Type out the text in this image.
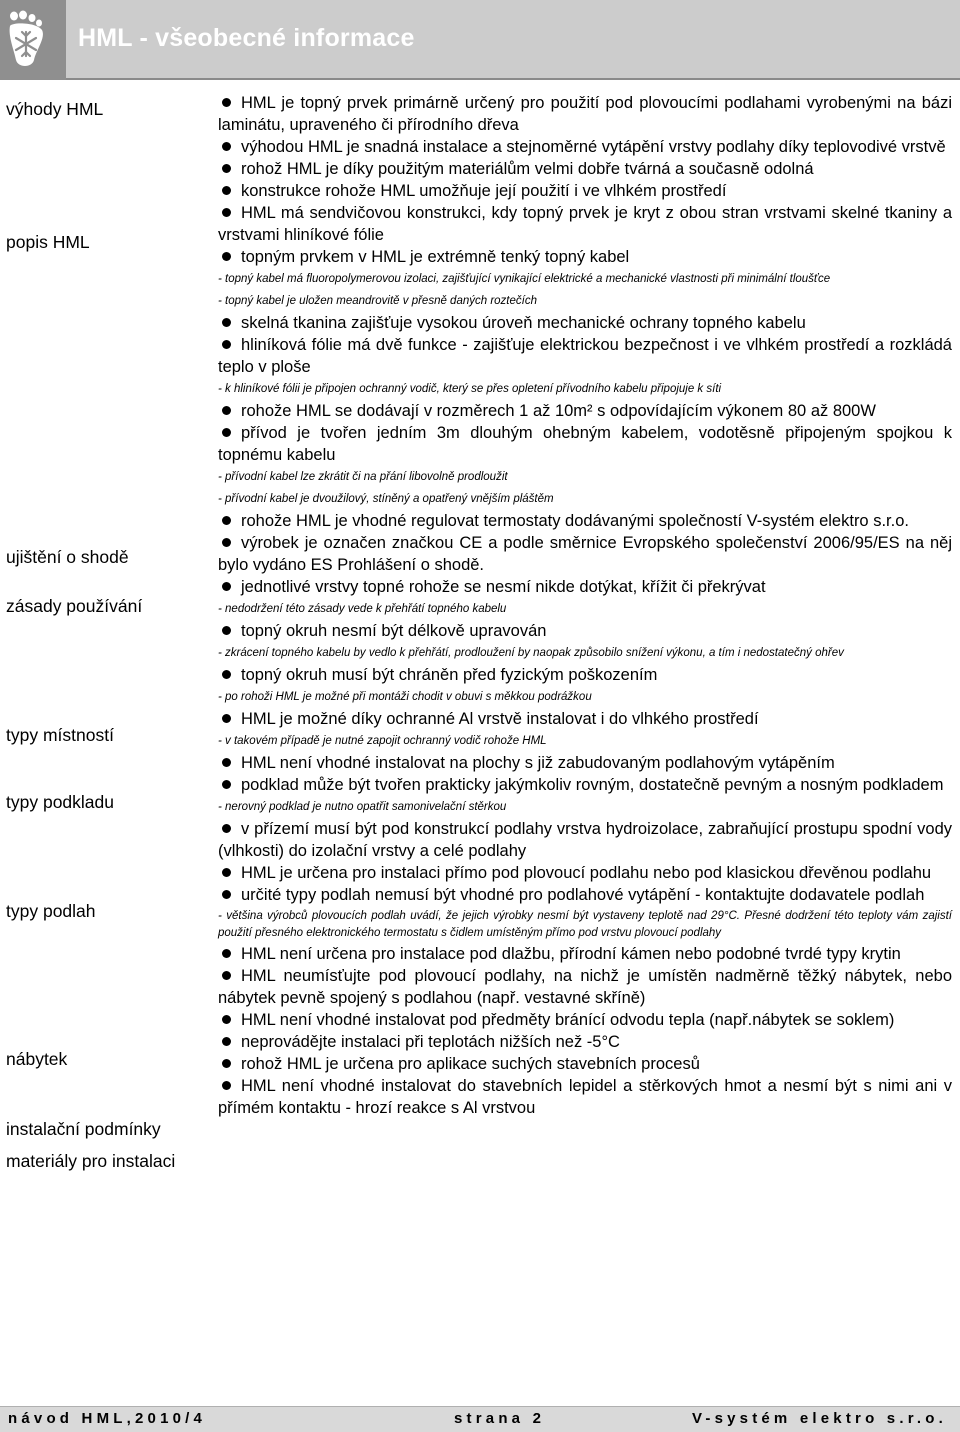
HML - všeobecné informace
výhody HML
popis HML
ujištění o shodě
zásady používání
typy místností
typy podkladu
typy podlah
nábytek
instalační podmínky
materiály pro instalaci
HML je topný prvek primárně určený pro použití pod plovoucími podlahami vyrobenými na bázi laminátu, upraveného či přírodního dřeva
výhodou HML je snadná instalace a stejnoměrné vytápění vrstvy podlahy díky teplovodivé vrstvě
rohož HML je díky použitým materiálům velmi dobře tvárná a současně odolná
konstrukce rohože HML umožňuje její použití i ve vlhkém prostředí
HML má sendvičovou konstrukci, kdy topný prvek je kryt z obou stran vrstvami skelné tkaniny a vrstvami hliníkové fólie
topným prvkem v HML je extrémně tenký topný kabel
- topný kabel má fluoropolymerovou izolaci, zajišťující vynikající elektrické a mechanické vlastnosti při minimální tloušťce
- topný kabel je uložen meandrovitě v přesně daných roztečích
skelná tkanina zajišťuje vysokou úroveň mechanické ochrany topného kabelu
hliníková fólie má dvě funkce - zajišťuje elektrickou bezpečnost i ve vlhkém prostředí a rozkládá teplo v ploše
- k hliníkové fólii je připojen ochranný vodič, který se přes opletení přívodního kabelu připojuje k síti
rohože HML se dodávají v rozměrech 1 až 10m² s odpovídajícím výkonem 80 až 800W
přívod je tvořen jedním 3m dlouhým ohebným kabelem, vodotěsně připojeným spojkou k topnému kabelu
- přívodní kabel lze zkrátit či na přání libovolně prodloužit
- přívodní kabel je dvoužilový, stíněný a opatřený vnějším pláštěm
rohože HML je vhodné regulovat termostaty dodávanými společností V-systém elektro s.r.o.
výrobek je označen značkou CE a podle směrnice Evropského společenství 2006/95/ES na něj bylo vydáno ES Prohlášení o shodě.
jednotlivé vrstvy topné rohože se nesmí nikde dotýkat, křížit či překrývat
- nedodržení této zásady vede k přehřátí topného kabelu
topný okruh nesmí být délkově upravován
- zkrácení topného kabelu by vedlo k přehřátí, prodloužení by naopak způsobilo snížení výkonu, a tím i nedostatečný ohřev
topný okruh musí být chráněn před fyzickým poškozením
- po rohoži HML je možné při montáži chodit v obuvi s měkkou podrážkou
HML je možné díky ochranné Al vrstvě instalovat i do vlhkého prostředí
- v takovém případě je nutné zapojit ochranný vodič rohože HML
HML není vhodné instalovat na plochy s již zabudovaným podlahovým vytápěním
podklad může být tvořen prakticky jakýmkoliv rovným, dostatečně pevným a nosným podkladem
- nerovný podklad je nutno opatřit samonivelační stěrkou
v přízemí musí být pod konstrukcí podlahy vrstva hydroizolace, zabraňující prostupu spodní vody (vlhkosti) do izolační vrstvy a celé podlahy
HML je určena pro instalaci přímo pod plovoucí podlahu nebo pod klasickou dřevěnou podlahu
určité typy podlah nemusí být vhodné pro podlahové vytápění - kontaktujte dodavatele podlah
- většina výrobců plovoucích podlah uvádí, že jejich výrobky nesmí být vystaveny teplotě nad 29°C. Přesné dodržení této teploty vám zajistí použití přesného elektronického termostatu s čidlem umístěným přímo pod vrstvu plovoucí podlahy
HML není určena pro instalace pod dlažbu, přírodní kámen nebo podobné tvrdé typy krytin
HML neumísťujte pod plovoucí podlahy, na nichž je umístěn nadměrně těžký nábytek, nebo nábytek pevně spojený s podlahou (např. vestavné skříně)
HML není vhodné instalovat pod předměty bránící odvodu tepla (např.nábytek se soklem)
neprovádějte instalaci při teplotách nižších než -5°C
rohož HML je určena pro aplikace suchých stavebních procesů
HML není vhodné instalovat do stavebních lepidel a stěrkových hmot a nesmí být s nimi ani v přímém kontaktu - hrozí reakce s Al vrstvou
návod HML,2010/4	strana 2	V-systém elektro s.r.o.
